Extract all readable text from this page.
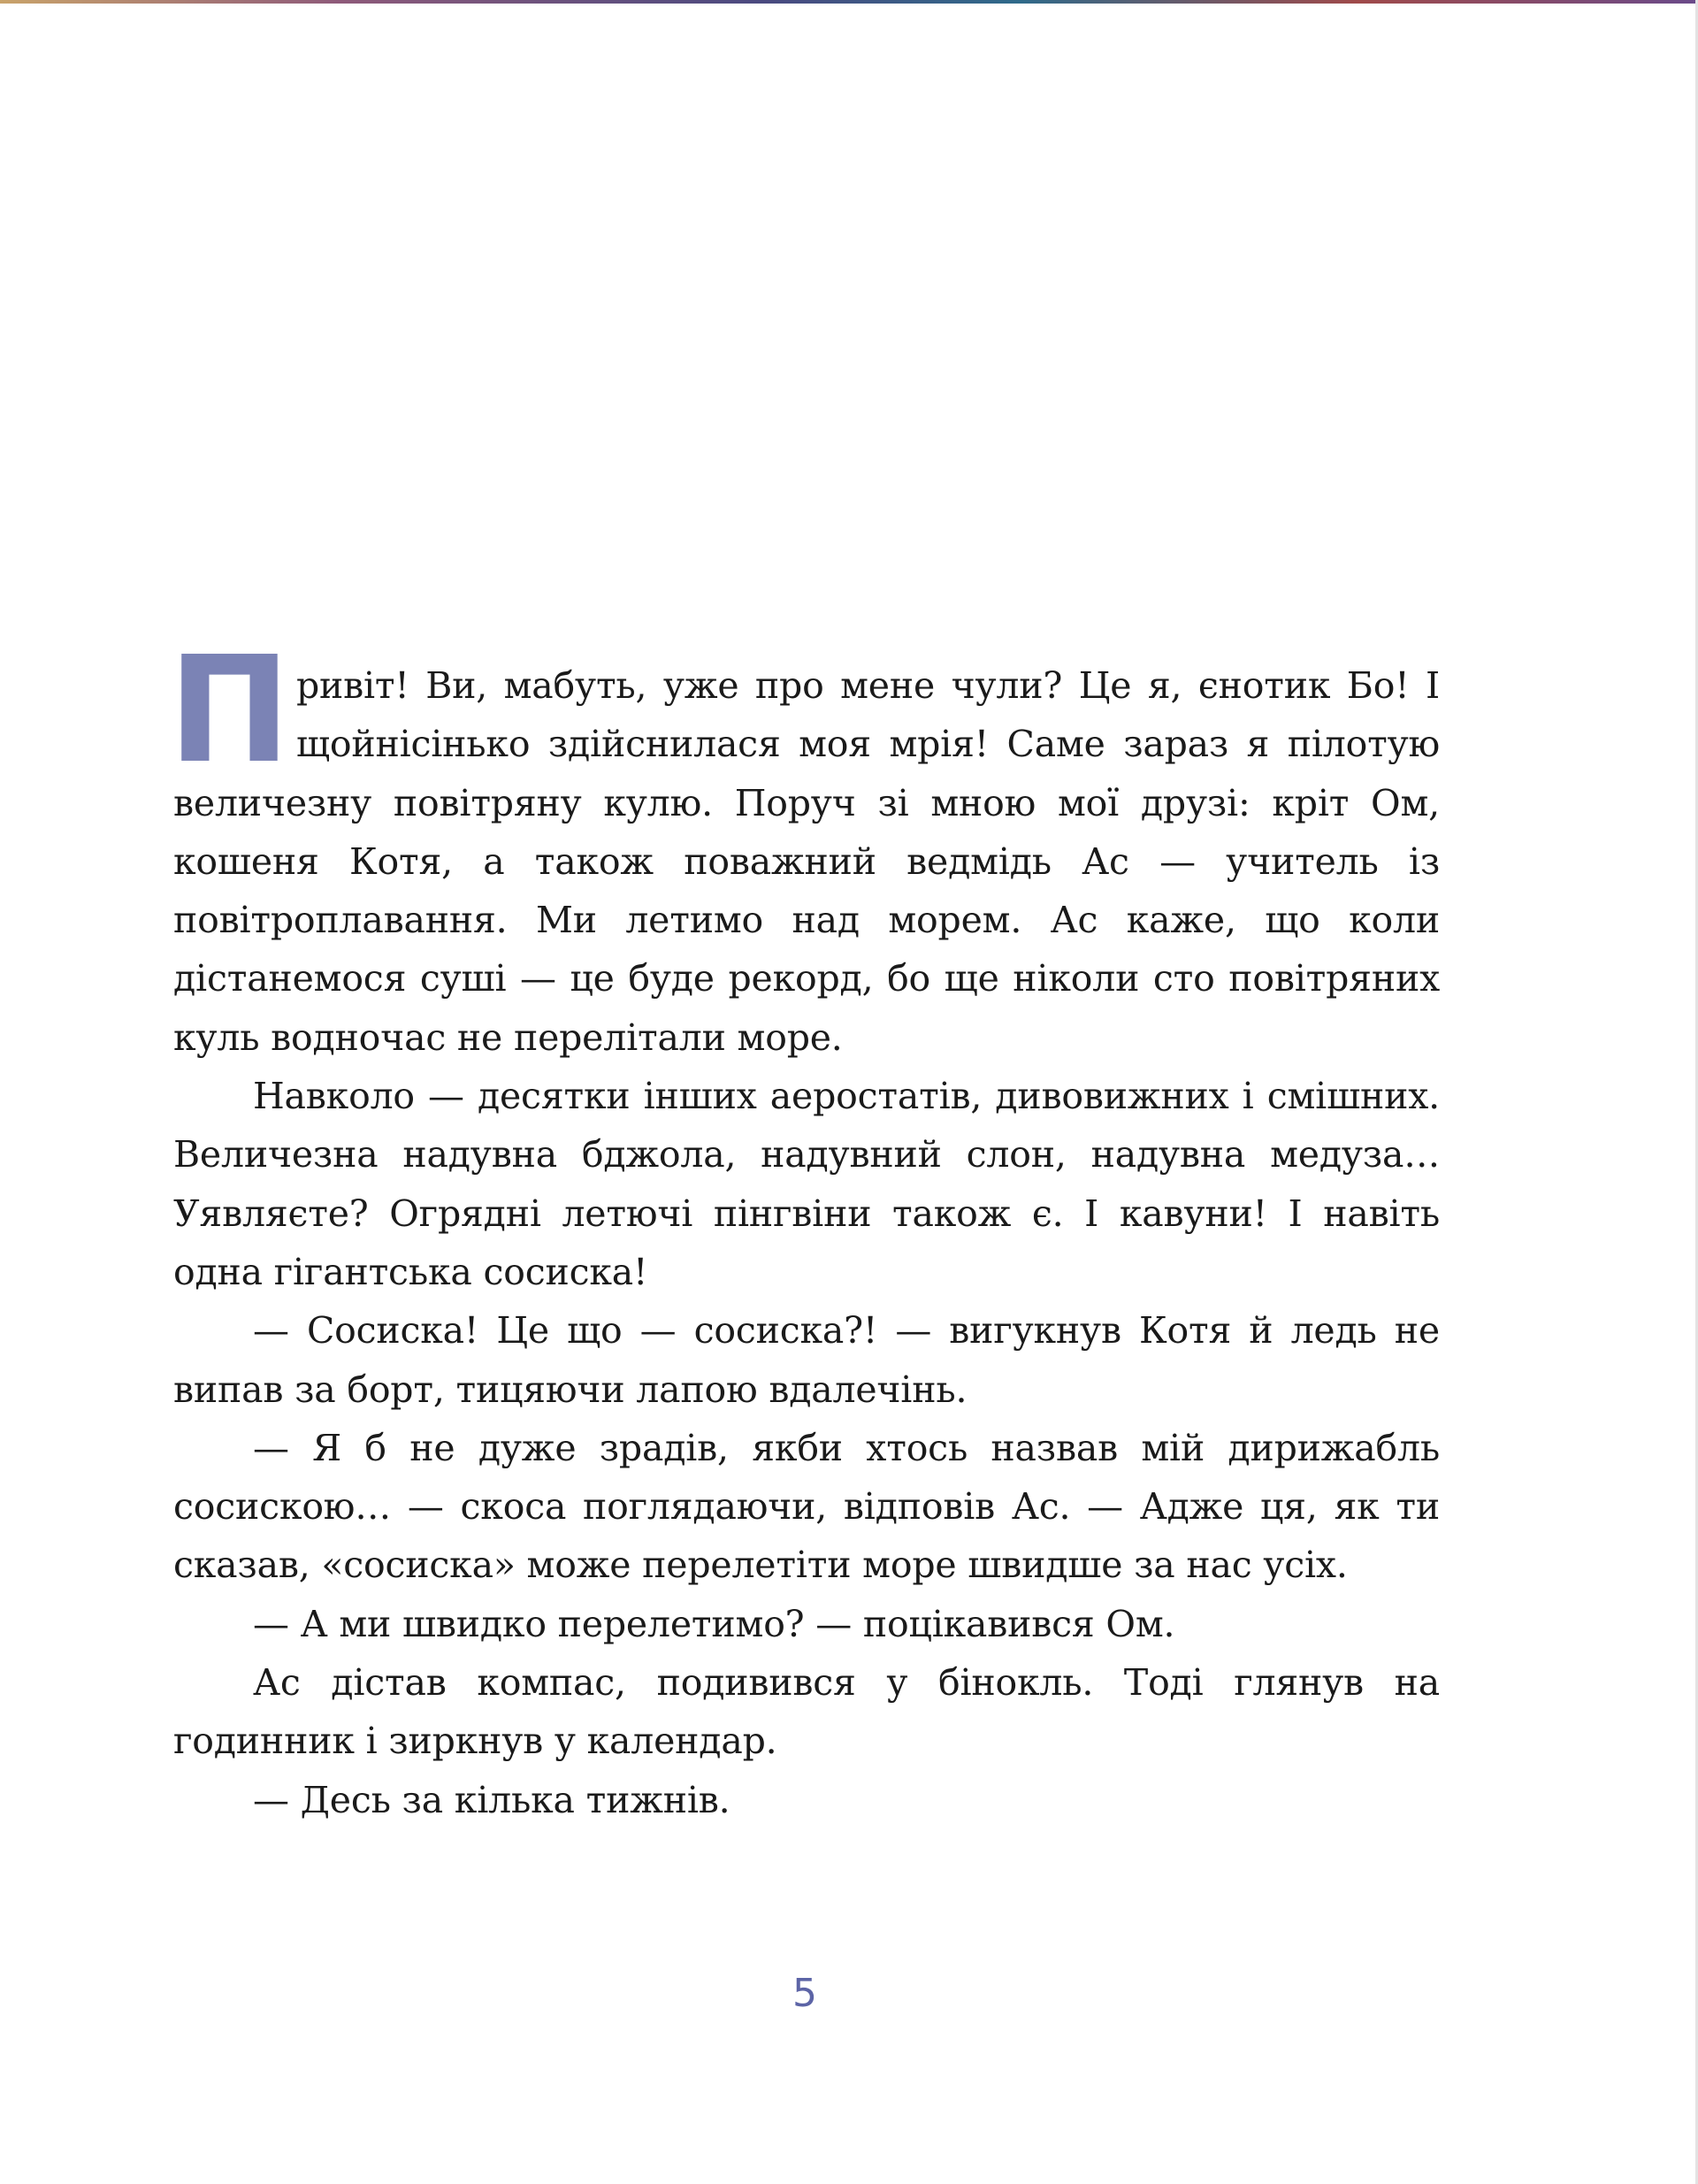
Привіт! Ви, мабуть, уже про мене чули? Це я, єнотик Бо! І щойнісінько здійснилася моя мрія! Саме зараз я пілотую величезну повітряну кулю. Поруч зі мною мої друзі: кріт Ом, кошеня Котя, а також поважний ведмідь Ас — учитель із повітроплавання. Ми летимо над морем. Ас каже, що коли дістанемося суші — це буде рекорд, бо ще ніколи сто повітряних куль водночас не перелітали море.

Навколо — десятки інших аеростатів, дивовижних і смішних. Величезна надувна бджола, надувний слон, надувна медуза… Уявляєте? Огрядні летючі пінгвіни також є. І кавуни! І навіть одна гігантська сосиска!

— Сосиска! Це що — сосиска?! — вигукнув Котя й ледь не випав за борт, тицяючи лапою вдалечінь.

— Я б не дуже зрадів, якби хтось назвав мій дирижабль сосискою… — скоса поглядаючи, відповів Ас. — Адже ця, як ти сказав, «сосиска» може перелетіти море швидше за нас усіх.

— А ми швидко перелетимо? — поцікавився Ом.

Ас дістав компас, подивився у бінокль. Тоді глянув на годинник і зиркнув у календар.

— Десь за кілька тижнів.

5
